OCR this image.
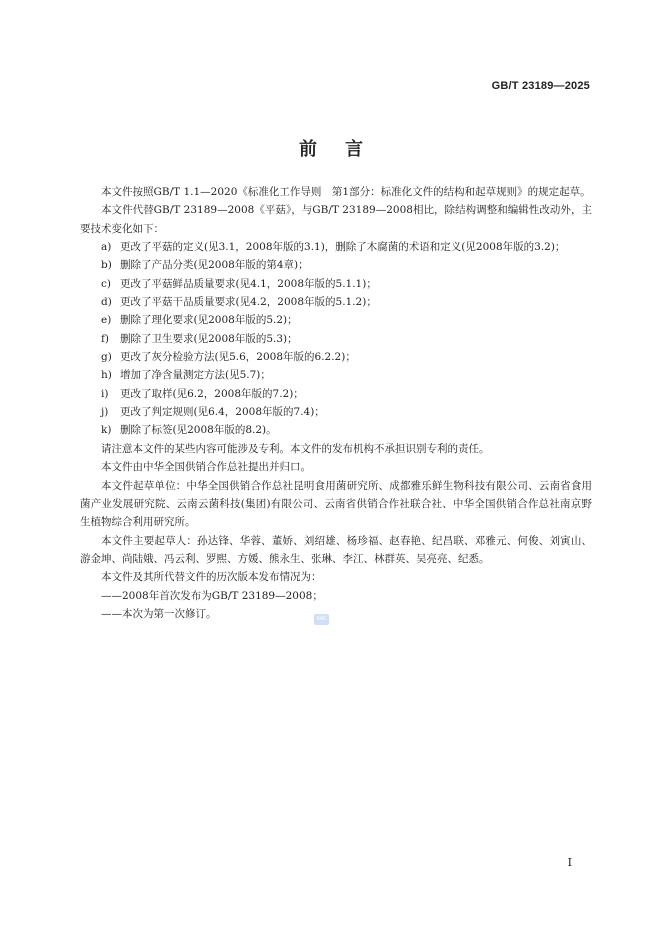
GB/T 23189—2025
前言

本文件按照GB/T 1.1—2020《标准化工作导则　第1部分：标准化文件的结构和起草规则》的规定起草。

本文件代替GB/T 23189—2008《平菇》，与GB/T 23189—2008相比，除结构调整和编辑性改动外，主要技术变化如下：

a) 更改了平菇的定义(见3.1，2008年版的3.1)，删除了木腐菌的术语和定义(见2008年版的3.2)；

b) 删除了产品分类(见2008年版的第4章)；

c) 更改了平菇鲜品质量要求(见4.1，2008年版的5.1.1)；

d) 更改了平菇干品质量要求(见4.2，2008年版的5.1.2)；

e) 删除了理化要求(见2008年版的5.2)；

f) 删除了卫生要求(见2008年版的5.3)；

g) 更改了灰分检验方法(见5.6，2008年版的6.2.2)；

h) 增加了净含量测定方法(见5.7)；

i) 更改了取样(见6.2，2008年版的7.2)；

j) 更改了判定规则(见6.4，2008年版的7.4)；

k) 删除了标签(见2008年版的8.2)。

请注意本文件的某些内容可能涉及专利。本文件的发布机构不承担识别专利的责任。

本文件由中华全国供销合作总社提出并归口。

本文件起草单位：中华全国供销合作总社昆明食用菌研究所、成都雅乐鲜生物科技有限公司、云南省食用菌产业发展研究院、云南云菌科技(集团)有限公司、云南省供销合作社联合社、中华全国供销合作总社南京野生植物综合利用研究所。

本文件主要起草人：孙达锋、华蓉、董娇、刘绍雄、杨珍福、赵春艳、纪昌联、邓雅元、何俊、刘寅山、游金坤、尚陆娥、冯云利、罗熙、方媛、熊永生、张琳、李江、林群英、吴亮亮、纪悉。

本文件及其所代替文件的历次版本发布情况为：

——2008年首次发布为GB/T 23189—2008；

——本次为第一次修订。	SAC
I
